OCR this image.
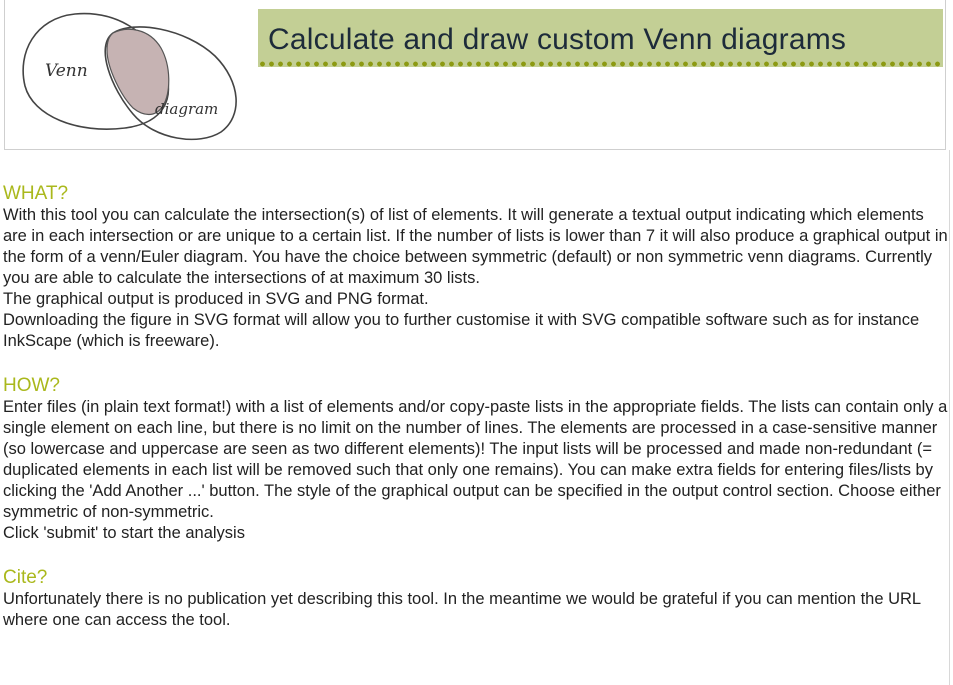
Venn
diagram
Calculate and draw custom Venn diagrams
WHAT?

With this tool you can calculate the intersection(s) of list of elements. It will generate a textual output indicating which elements are in each intersection or are unique to a certain list. If the number of lists is lower than 7 it will also produce a graphical output in the form of a venn/Euler diagram. You have the choice between symmetric (default) or non symmetric venn diagrams. Currently you are able to calculate the intersections of at maximum 30 lists.

The graphical output is produced in SVG and PNG format.

Downloading the figure in SVG format will allow you to further customise it with SVG compatible software such as for instance InkScape (which is freeware).

HOW?

Enter files (in plain text format!) with a list of elements and/or copy-paste lists in the appropriate fields. The lists can contain only a single element on each line, but there is no limit on the number of lines. The elements are processed in a case-sensitive manner (so lowercase and uppercase are seen as two different elements)! The input lists will be processed and made non-redundant (= duplicated elements in each list will be removed such that only one remains). You can make extra fields for entering files/lists by clicking the 'Add Another ...' button. The style of the graphical output can be specified in the output control section. Choose either symmetric of non-symmetric.

Click 'submit' to start the analysis

Cite?

Unfortunately there is no publication yet describing this tool. In the meantime we would be grateful if you can mention the URL where one can access the tool.
